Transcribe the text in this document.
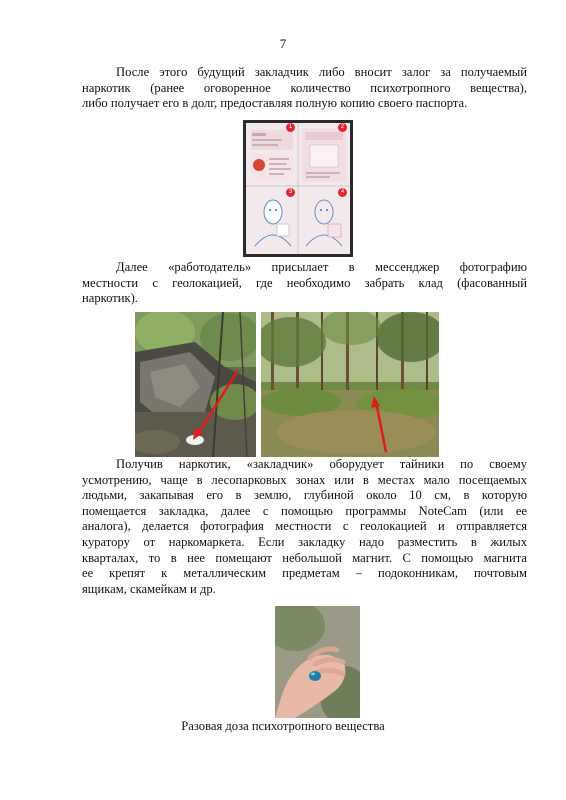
7

После этого будущий закладчик либо вносит залог за получаемый
наркотик (ранее оговоренное количество психотропного вещества),
либо получает его в долг, предоставляя полную копию своего паспорта.

1	2
3	4

Далее «работодатель» присылает в мессенджер фотографию
местности с геолокацией, где необходимо забрать клад (фасованный
наркотик).

Получив наркотик, «закладчик» оборудует тайники по своему
усмотрению, чаще в лесопарковых зонах или в местах мало посещаемых
людьми, закапывая его в землю, глубиной около 10 см, в которую
помещается закладка, далее с помощью программы NoteCam (или ее
аналога), делается фотография местности с геолокацией и отправляется
куратору от наркомаркета. Если закладку надо разместить в жилых
кварталах, то в нее помещают небольшой магнит. С помощью магнита
ее крепят к металлическим предметам – подоконникам, почтовым
ящикам, скамейкам и др.

Разовая доза психотропного вещества
